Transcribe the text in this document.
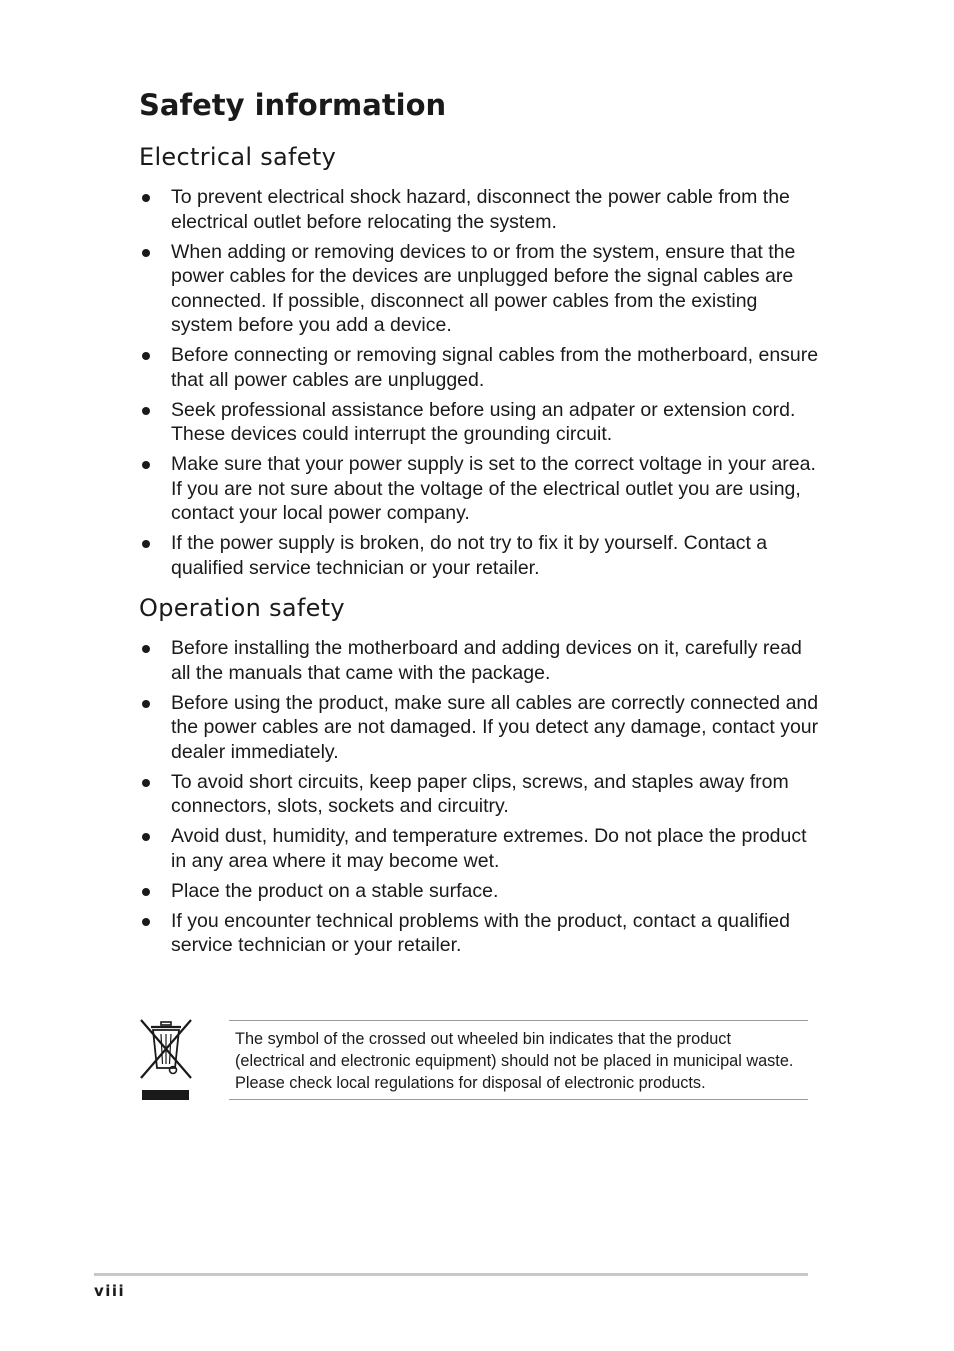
Safety information
Electrical safety
To prevent electrical shock hazard, disconnect the power cable from the electrical outlet before relocating the system.
When adding or removing devices to or from the system, ensure that the power cables for the devices are unplugged before the signal cables are connected. If possible, disconnect all power cables from the existing system before you add a device.
Before connecting or removing signal cables from the motherboard, ensure that all power cables are unplugged.
Seek professional assistance before using an adpater or extension cord. These devices could interrupt the grounding circuit.
Make sure that your power supply is set to the correct voltage in your area. If you are not sure about the voltage of the electrical outlet you are using, contact your local power company.
If the power supply is broken, do not try to fix it by yourself. Contact a qualified service technician or your retailer.
Operation safety
Before installing the motherboard and adding devices on it, carefully read all the manuals that came with the package.
Before using the product, make sure all cables are correctly connected and the power cables are not damaged. If you detect any damage, contact your dealer immediately.
To avoid short circuits, keep paper clips, screws, and staples away from connectors, slots, sockets and circuitry.
Avoid dust, humidity, and temperature extremes. Do not place the product in any area where it may become wet.
Place the product on a stable surface.
If you encounter technical problems with the product, contact a qualified service technician or your retailer.

The symbol of the crossed out wheeled bin indicates that the product (electrical and electronic equipment) should not be placed in municipal waste. Please check local regulations for disposal of electronic products.

viii
